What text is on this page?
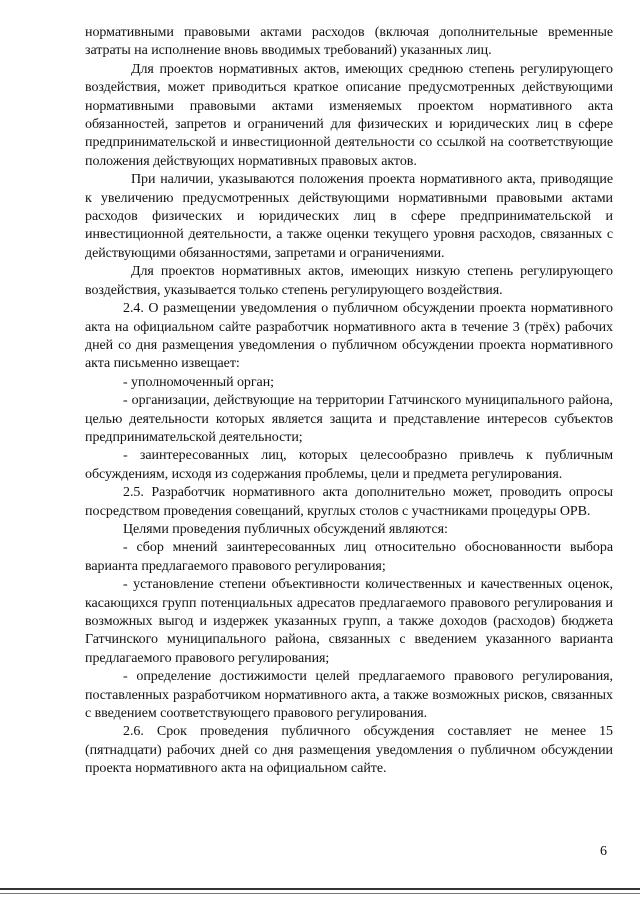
нормативными правовыми актами расходов (включая дополнительные временные затраты на исполнение вновь вводимых требований) указанных лиц.

Для проектов нормативных актов, имеющих среднюю степень регулирующего воздействия, может приводиться краткое описание предусмотренных действующими нормативными правовыми актами изменяемых проектом нормативного акта обязанностей, запретов и ограничений для физических и юридических лиц в сфере предпринимательской и инвестиционной деятельности со ссылкой на соответствующие положения действующих нормативных правовых актов.

При наличии, указываются положения проекта нормативного акта, приводящие к увеличению предусмотренных действующими нормативными правовыми актами расходов физических и юридических лиц в сфере предпринимательской и инвестиционной деятельности, а также оценки текущего уровня расходов, связанных с действующими обязанностями, запретами и ограничениями.

Для проектов нормативных актов, имеющих низкую степень регулирующего воздействия, указывается только степень регулирующего воздействия.

2.4. О размещении уведомления о публичном обсуждении проекта нормативного акта на официальном сайте разработчик нормативного акта в течение 3 (трёх) рабочих дней со дня размещения уведомления о публичном обсуждении проекта нормативного акта письменно извещает:

- уполномоченный орган;

- организации, действующие на территории Гатчинского муниципального района, целью деятельности которых является защита и представление интересов субъектов предпринимательской деятельности;

- заинтересованных лиц, которых целесообразно привлечь к публичным обсуждениям, исходя из содержания проблемы, цели и предмета регулирования.

2.5. Разработчик нормативного акта дополнительно может, проводить опросы посредством проведения совещаний, круглых столов с участниками процедуры ОРВ.

Целями проведения публичных обсуждений являются:

- сбор мнений заинтересованных лиц относительно обоснованности выбора варианта предлагаемого правового регулирования;

- установление степени объективности количественных и качественных оценок, касающихся групп потенциальных адресатов предлагаемого правового регулирования и возможных выгод и издержек указанных групп, а также доходов (расходов) бюджета Гатчинского муниципального района, связанных с введением указанного варианта предлагаемого правового регулирования;

- определение достижимости целей предлагаемого правового регулирования, поставленных разработчиком нормативного акта, а также возможных рисков, связанных с введением соответствующего правового регулирования.

2.6. Срок проведения публичного обсуждения составляет не менее 15 (пятнадцати) рабочих дней со дня размещения уведомления о публичном обсуждении проекта нормативного акта на официальном сайте.

6
